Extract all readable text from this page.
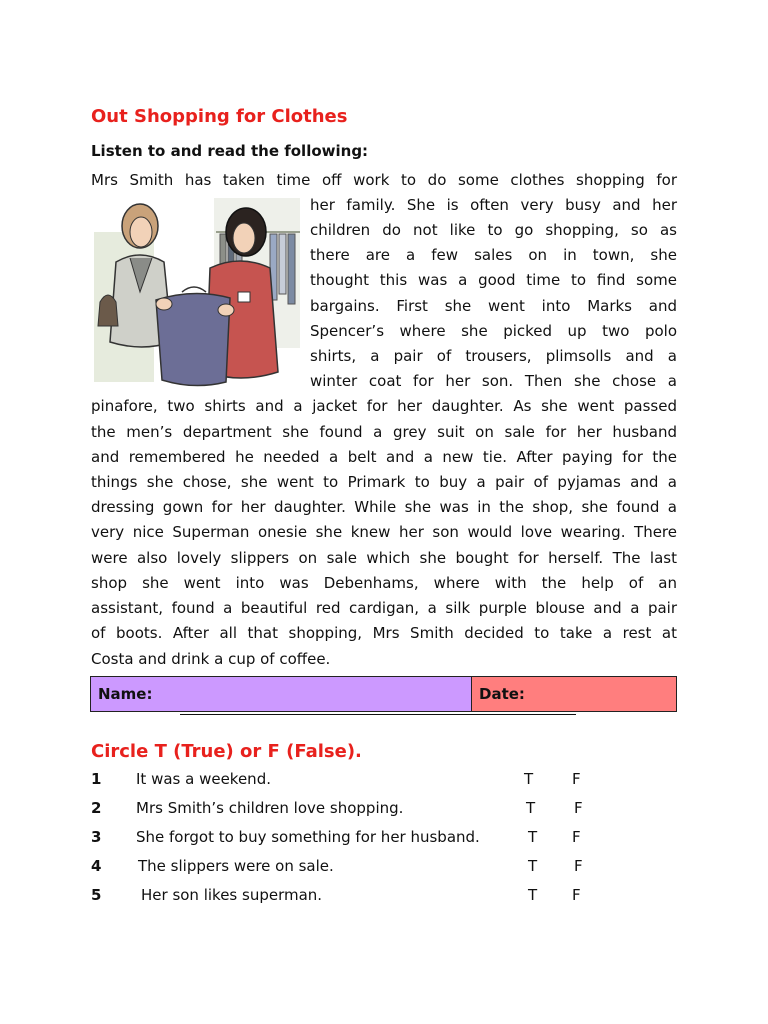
Out Shopping for Clothes
Listen to and read the following:
Mrs Smith has taken time off work to do some clothes shopping for
her family. She is often very busy and her
children do not like to go shopping, so as
there are a few sales on in town, she
thought this was a good time to find some
bargains. First she went into Marks and
Spencer’s where she picked up two polo
shirts, a pair of trousers, plimsolls and a
winter coat for her son. Then she chose a
pinafore, two shirts and a jacket for her daughter. As she went passed
the men’s department she found a grey suit on sale for her husband
and remembered he needed a belt and a new tie. After paying for the
things she chose, she went to Primark to buy a pair of pyjamas and a
dressing gown for her daughter. While she was in the shop, she found a
very nice Superman onesie she knew her son would love wearing. There
were also lovely slippers on sale which she bought for herself. The last
shop she went into was Debenhams, where with the help of an
assistant, found a beautiful red cardigan, a silk purple blouse and a pair
of boots. After all that shopping, Mrs Smith decided to take a rest at
Costa and drink a cup of coffee.
Name:	Date:
Circle T (True) or F (False).
1 It was a weekend.	T	F
2 Mrs Smith’s children love shopping.	T	F
3 She forgot to buy something for her husband.	T F
4 The slippers were on sale.	T F
5	Her son likes superman.	T F
